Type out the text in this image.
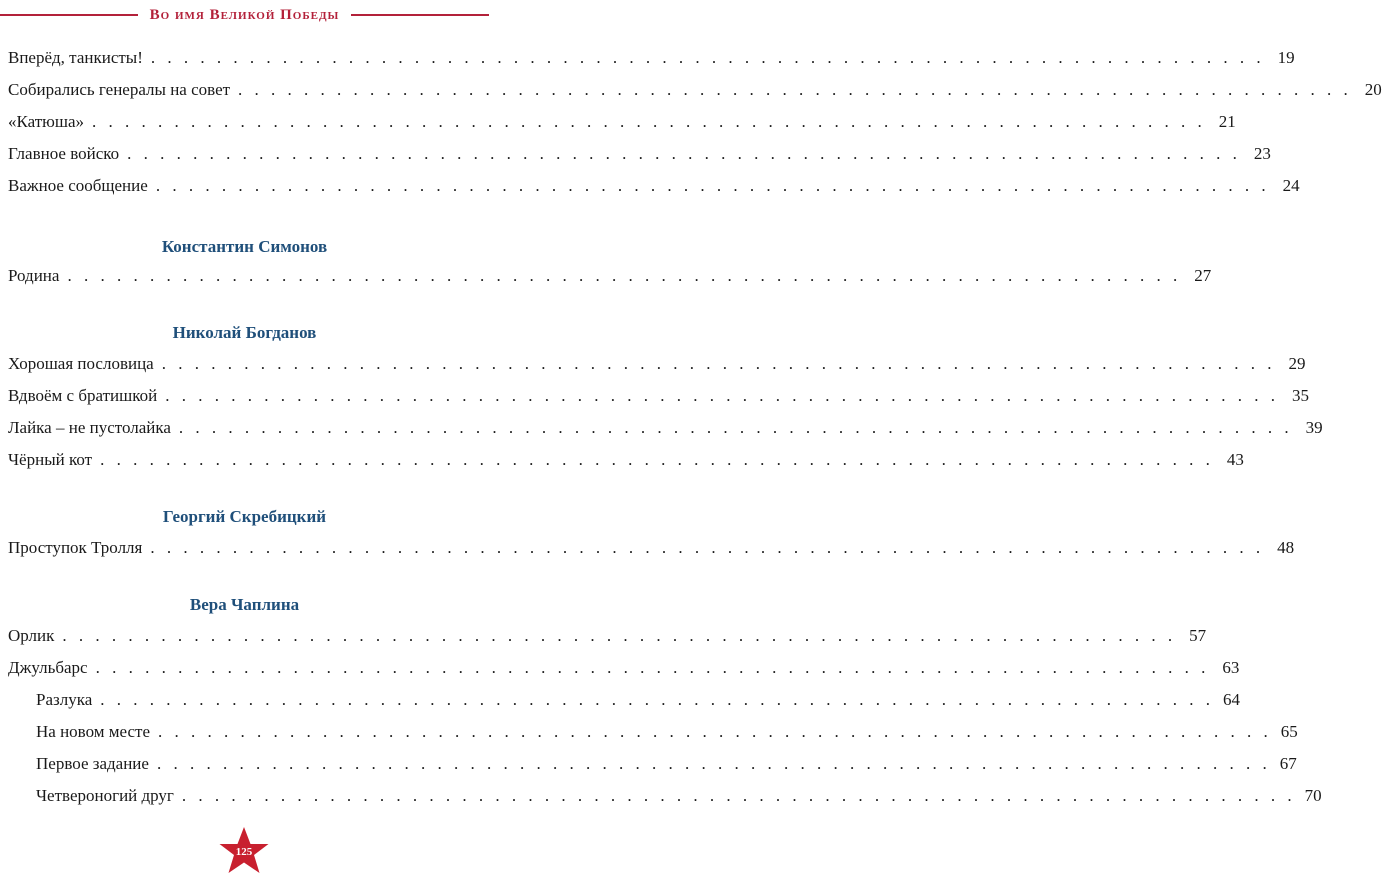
Во имя Великой Победы
Вперёд, танкисты! . . . . . . . . . . . . . . . . . . . . . . . . . . . . . . . . . . . . . . . . . . . . . . . . . . . . . . . . . . . . . . . . . . . . 19
Собирались генералы на совет . . . . . . . . . . . . . . . . . . . . . . . . . . . . . . . . . . . . . . . . . . . . . . . . . . . . . . . . . . . . . . . . . . . . 20
«Катюша» . . . . . . . . . . . . . . . . . . . . . . . . . . . . . . . . . . . . . . . . . . . . . . . . . . . . . . . . . . . . . . . . . . . . 21
Главное войско . . . . . . . . . . . . . . . . . . . . . . . . . . . . . . . . . . . . . . . . . . . . . . . . . . . . . . . . . . . . . . . . . . . . 23
Важное сообщение . . . . . . . . . . . . . . . . . . . . . . . . . . . . . . . . . . . . . . . . . . . . . . . . . . . . . . . . . . . . . . . . . . . . 24
Константин Симонов
Родина . . . . . . . . . . . . . . . . . . . . . . . . . . . . . . . . . . . . . . . . . . . . . . . . . . . . . . . . . . . . . . . . . . . . 27
Николай Богданов
Хорошая пословица . . . . . . . . . . . . . . . . . . . . . . . . . . . . . . . . . . . . . . . . . . . . . . . . . . . . . . . . . . . . . . . . . . . . 29
Вдвоём с братишкой . . . . . . . . . . . . . . . . . . . . . . . . . . . . . . . . . . . . . . . . . . . . . . . . . . . . . . . . . . . . . . . . . . . . 35
Лайка – не пустолайка . . . . . . . . . . . . . . . . . . . . . . . . . . . . . . . . . . . . . . . . . . . . . . . . . . . . . . . . . . . . . . . . . . . . 39
Чёрный кот . . . . . . . . . . . . . . . . . . . . . . . . . . . . . . . . . . . . . . . . . . . . . . . . . . . . . . . . . . . . . . . . . . . . 43
Георгий Скребицкий
Проступок Тролля . . . . . . . . . . . . . . . . . . . . . . . . . . . . . . . . . . . . . . . . . . . . . . . . . . . . . . . . . . . . . . . . . . . . 48
Вера Чаплина
Орлик . . . . . . . . . . . . . . . . . . . . . . . . . . . . . . . . . . . . . . . . . . . . . . . . . . . . . . . . . . . . . . . . . . . . 57
Джульбарс . . . . . . . . . . . . . . . . . . . . . . . . . . . . . . . . . . . . . . . . . . . . . . . . . . . . . . . . . . . . . . . . . . . . 63
Разлука . . . . . . . . . . . . . . . . . . . . . . . . . . . . . . . . . . . . . . . . . . . . . . . . . . . . . . . . . . . . . . . . . . . . 64
На новом месте . . . . . . . . . . . . . . . . . . . . . . . . . . . . . . . . . . . . . . . . . . . . . . . . . . . . . . . . . . . . . . . . . . . . 65
Первое задание . . . . . . . . . . . . . . . . . . . . . . . . . . . . . . . . . . . . . . . . . . . . . . . . . . . . . . . . . . . . . . . . . . . . 67
Четвероногий друг . . . . . . . . . . . . . . . . . . . . . . . . . . . . . . . . . . . . . . . . . . . . . . . . . . . . . . . . . . . . . . . . . . . . 70
125
